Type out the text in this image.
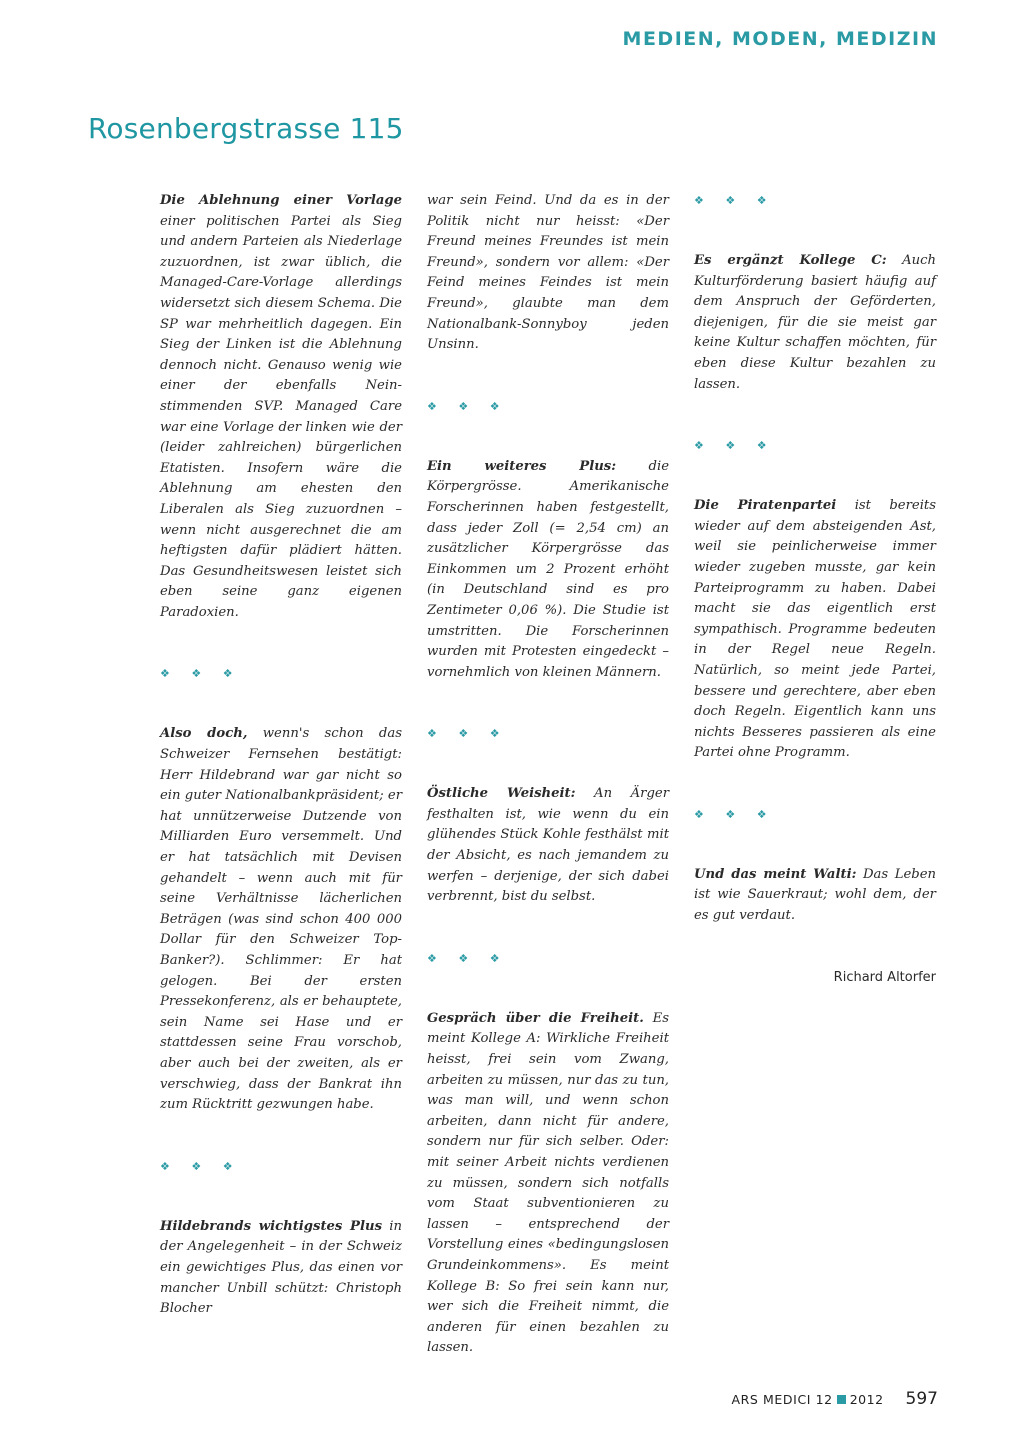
MEDIEN, MODEN, MEDIZIN
Rosenbergstrasse 115

Die Ablehnung einer Vorlage einer politischen Partei als Sieg und andern Parteien als Niederlage zuzuordnen, ist zwar üblich, die Managed-Care-Vorlage allerdings widersetzt sich diesem Schema. Die SP war mehrheitlich dagegen. Ein Sieg der Linken ist die Ablehnung dennoch nicht. Genauso wenig wie einer der ebenfalls Nein-stimmenden SVP. Managed Care war eine Vorlage der linken wie der (leider zahlreichen) bürgerlichen Etatisten. Insofern wäre die Ablehnung am ehesten den Liberalen als Sieg zuzuordnen – wenn nicht ausgerechnet die am heftigsten dafür plädiert hätten. Das Gesundheitswesen leistet sich eben seine ganz eigenen Paradoxien.

❖ ❖ ❖

Also doch, wenn's schon das Schweizer Fernsehen bestätigt: Herr Hildebrand war gar nicht so ein guter Nationalbankpräsident; er hat unnützerweise Dutzende von Milliarden Euro versemmelt. Und er hat tatsächlich mit Devisen gehandelt – wenn auch mit für seine Verhältnisse lächerlichen Beträgen (was sind schon 400 000 Dollar für den Schweizer Top-Banker?). Schlimmer: Er hat gelogen. Bei der ersten Pressekonferenz, als er behauptete, sein Name sei Hase und er stattdessen seine Frau vorschob, aber auch bei der zweiten, als er verschwieg, dass der Bankrat ihn zum Rücktritt gezwungen habe.

❖ ❖ ❖

Hildebrands wichtigstes Plus in der Angelegenheit – in der Schweiz ein gewichtiges Plus, das einen vor mancher Unbill schützt: Christoph Blocher

war sein Feind. Und da es in der Politik nicht nur heisst: «Der Freund meines Freundes ist mein Freund», sondern vor allem: «Der Feind meines Feindes ist mein Freund», glaubte man dem Nationalbank-Sonnyboy jeden Unsinn.

❖ ❖ ❖

Ein weiteres Plus: die Körpergrösse. Amerikanische Forscherinnen haben festgestellt, dass jeder Zoll (= 2,54 cm) an zusätzlicher Körpergrösse das Einkommen um 2 Prozent erhöht (in Deutschland sind es pro Zentimeter 0,06 %). Die Studie ist umstritten. Die Forscherinnen wurden mit Protesten eingedeckt – vornehmlich von kleinen Männern.

❖ ❖ ❖

Östliche Weisheit: An Ärger festhalten ist, wie wenn du ein glühendes Stück Kohle festhälst mit der Absicht, es nach jemandem zu werfen – derjenige, der sich dabei verbrennt, bist du selbst.

❖ ❖ ❖

Gespräch über die Freiheit. Es meint Kollege A: Wirkliche Freiheit heisst, frei sein vom Zwang, arbeiten zu müssen, nur das zu tun, was man will, und wenn schon arbeiten, dann nicht für andere, sondern nur für sich selber. Oder: mit seiner Arbeit nichts verdienen zu müssen, sondern sich notfalls vom Staat subventionieren zu lassen – entsprechend der Vorstellung eines «bedingungslosen Grundeinkommens». Es meint Kollege B: So frei sein kann nur, wer sich die Freiheit nimmt, die anderen für einen bezahlen zu lassen.

❖ ❖ ❖

Es ergänzt Kollege C: Auch Kulturförderung basiert häufig auf dem Anspruch der Geförderten, diejenigen, für die sie meist gar keine Kultur schaffen möchten, für eben diese Kultur bezahlen zu lassen.

❖ ❖ ❖

Die Piratenpartei ist bereits wieder auf dem absteigenden Ast, weil sie peinlicherweise immer wieder zugeben musste, gar kein Parteiprogramm zu haben. Dabei macht sie das eigentlich erst sympathisch. Programme bedeuten in der Regel neue Regeln. Natürlich, so meint jede Partei, bessere und gerechtere, aber eben doch Regeln. Eigentlich kann uns nichts Besseres passieren als eine Partei ohne Programm.

❖ ❖ ❖

Und das meint Walti: Das Leben ist wie Sauerkraut; wohl dem, der es gut verdaut.

Richard Altorfer
ARS MEDICI 12 2012 597
